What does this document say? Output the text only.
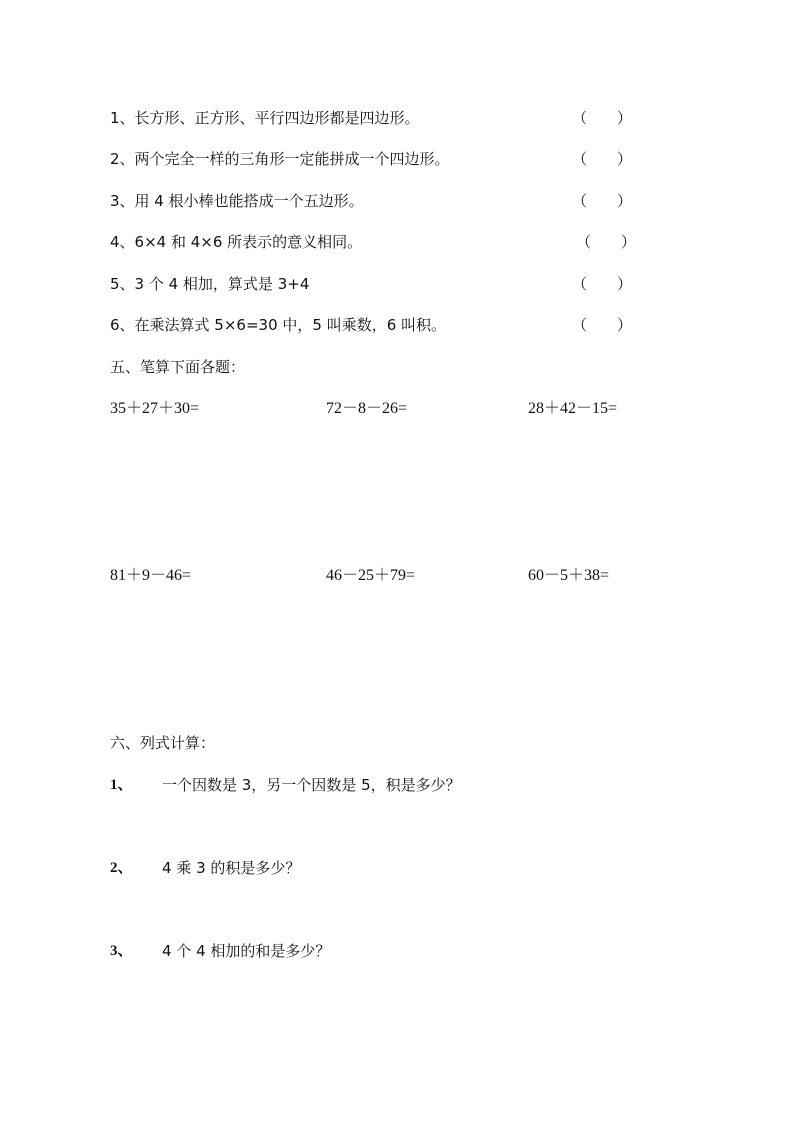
1、长方形、正方形、平行四边形都是四边形。	（　　）
2、两个完全一样的三角形一定能拼成一个四边形。	（　　）
3、用 4 根小棒也能搭成一个五边形。	（　　）
4、6×4 和 4×6 所表示的意义相同。	（　　）
5、3 个 4 相加，算式是 3+4	（　　）
6、在乘法算式 5×6=30 中，5 叫乘数，6 叫积。	（　　）
五、笔算下面各题：
35＋27＋30=	72－8－26=	28＋42－15=
81＋9－46=	46－25＋79=	60－5＋38=
六、列式计算：
1、 一个因数是 3，另一个因数是 5，积是多少？
2、 4 乘 3 的积是多少？
3、 4 个 4 相加的和是多少？
